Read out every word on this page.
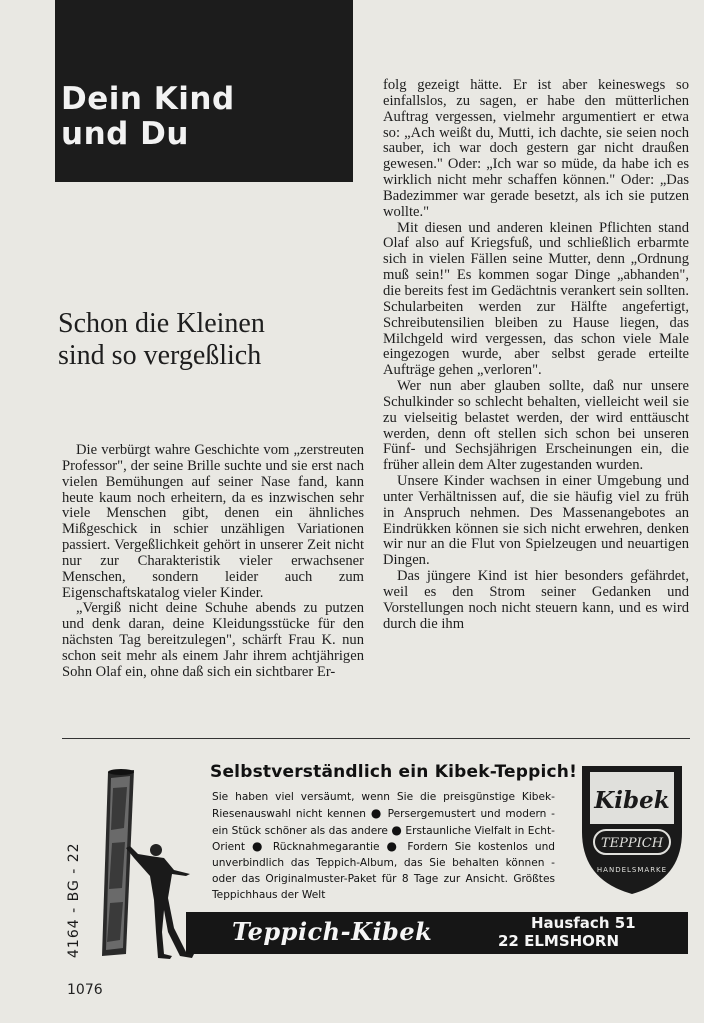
Dein Kind
und Du
Schon die Kleinen
sind so vergeßlich

Die verbürgt wahre Geschichte vom „zerstreuten Professor", der seine Brille suchte und sie erst nach vielen Bemühungen auf seiner Nase fand, kann heute kaum noch erheitern, da es inzwischen sehr viele Menschen gibt, denen ein ähnliches Mißgeschick in schier unzähligen Variationen passiert. Vergeßlichkeit gehört in unserer Zeit nicht nur zur Charakteristik vieler erwachsener Menschen, sondern leider auch zum Eigenschaftskatalog vieler Kinder.

„Vergiß nicht deine Schuhe abends zu putzen und denk daran, deine Kleidungsstücke für den nächsten Tag bereitzulegen", schärft Frau K. nun schon seit mehr als einem Jahr ihrem achtjährigen Sohn Olaf ein, ohne daß sich ein sichtbarer Er-

folg gezeigt hätte. Er ist aber keineswegs so einfallslos, zu sagen, er habe den mütterlichen Auftrag vergessen, vielmehr argumentiert er etwa so: „Ach weißt du, Mutti, ich dachte, sie seien noch sauber, ich war doch gestern gar nicht draußen gewesen." Oder: „Ich war so müde, da habe ich es wirklich nicht mehr schaffen können." Oder: „Das Badezimmer war gerade besetzt, als ich sie putzen wollte."

Mit diesen und anderen kleinen Pflichten stand Olaf also auf Kriegsfuß, und schließlich erbarmte sich in vielen Fällen seine Mutter, denn „Ordnung muß sein!" Es kommen sogar Dinge „abhanden", die bereits fest im Gedächtnis verankert sein sollten. Schularbeiten werden zur Hälfte angefertigt, Schreibutensilien bleiben zu Hause liegen, das Milchgeld wird vergessen, das schon viele Male eingezogen wurde, aber selbst gerade erteilte Aufträge gehen „verloren".

Wer nun aber glauben sollte, daß nur unsere Schulkinder so schlecht behalten, vielleicht weil sie zu vielseitig belastet werden, der wird enttäuscht werden, denn oft stellen sich schon bei unseren Fünf- und Sechsjährigen Erscheinungen ein, die früher allein dem Alter zugestanden wurden.

Unsere Kinder wachsen in einer Umgebung und unter Verhältnissen auf, die sie häufig viel zu früh in Anspruch nehmen. Des Massenangebotes an Eindrükken können sie sich nicht erwehren, denken wir nur an die Flut von Spielzeugen und neuartigen Dingen.

Das jüngere Kind ist hier besonders gefährdet, weil es den Strom seiner Gedanken und Vorstellungen noch nicht steuern kann, und es wird durch die ihm

4164 - BG - 22
Selbstverständlich ein Kibek-Teppich!

Sie haben viel versäumt, wenn Sie die preisgünstige Kibek-Riesenauswahl nicht kennen ● Persergemustert und modern - ein Stück schöner als das andere ● Erstaunliche Vielfalt in Echt-Orient ● Rücknahmegarantie ● Fordern Sie kostenlos und unverbindlich das Teppich-Album, das Sie behalten können - oder das Originalmuster-Paket für 8 Tage zur Ansicht. Größtes Teppichhaus der Welt

Kibek
TEPPICH
HANDELSMARKE

Teppich-Kibek	Hausfach 51
22 ELMSHORN
1076
